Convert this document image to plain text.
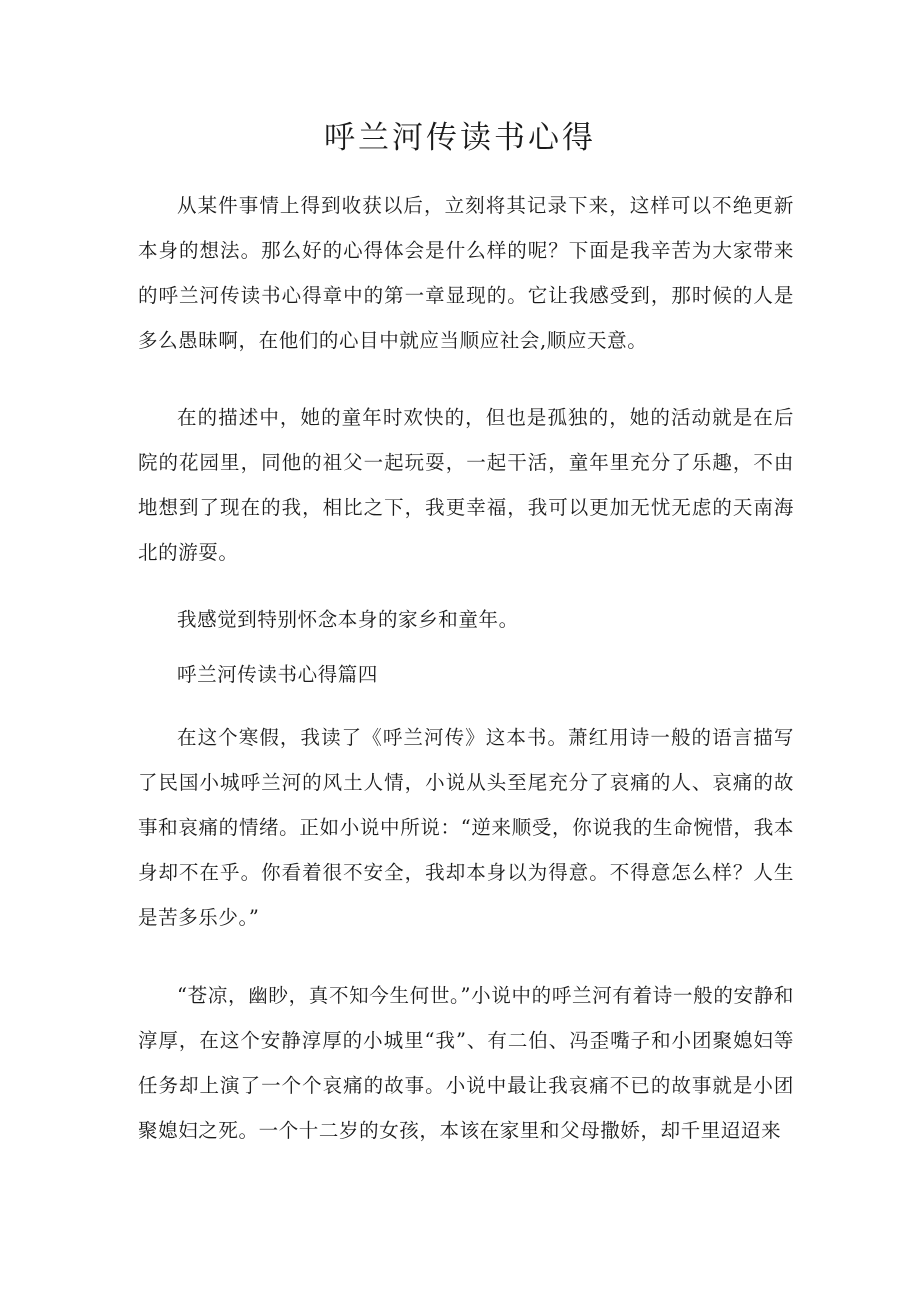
呼兰河传读书心得

从某件事情上得到收获以后，立刻将其记录下来，这样可以不绝更新本身的想法。那么好的心得体会是什么样的呢？下面是我辛苦为大家带来的呼兰河传读书心得章中的第一章显现的。它让我感受到，那时候的人是多么愚昧啊，在他们的心目中就应当顺应社会,顺应天意。

在的描述中，她的童年时欢快的，但也是孤独的，她的活动就是在后院的花园里，同他的祖父一起玩耍，一起干活，童年里充分了乐趣，不由地想到了现在的我，相比之下，我更幸福，我可以更加无忧无虑的天南海北的游耍。

我感觉到特别怀念本身的家乡和童年。

呼兰河传读书心得篇四

在这个寒假，我读了《呼兰河传》这本书。萧红用诗一般的语言描写了民国小城呼兰河的风土人情，小说从头至尾充分了哀痛的人、哀痛的故事和哀痛的情绪。正如小说中所说：“逆来顺受，你说我的生命惋惜，我本身却不在乎。你看着很不安全，我却本身以为得意。不得意怎么样？人生是苦多乐少。”

“苍凉，幽眇，真不知今生何世。”小说中的呼兰河有着诗一般的安静和淳厚，在这个安静淳厚的小城里“我”、有二伯、冯歪嘴子和小团聚媳妇等任务却上演了一个个哀痛的故事。小说中最让我哀痛不已的故事就是小团聚媳妇之死。一个十二岁的女孩，本该在家里和父母撒娇，却千里迢迢来
